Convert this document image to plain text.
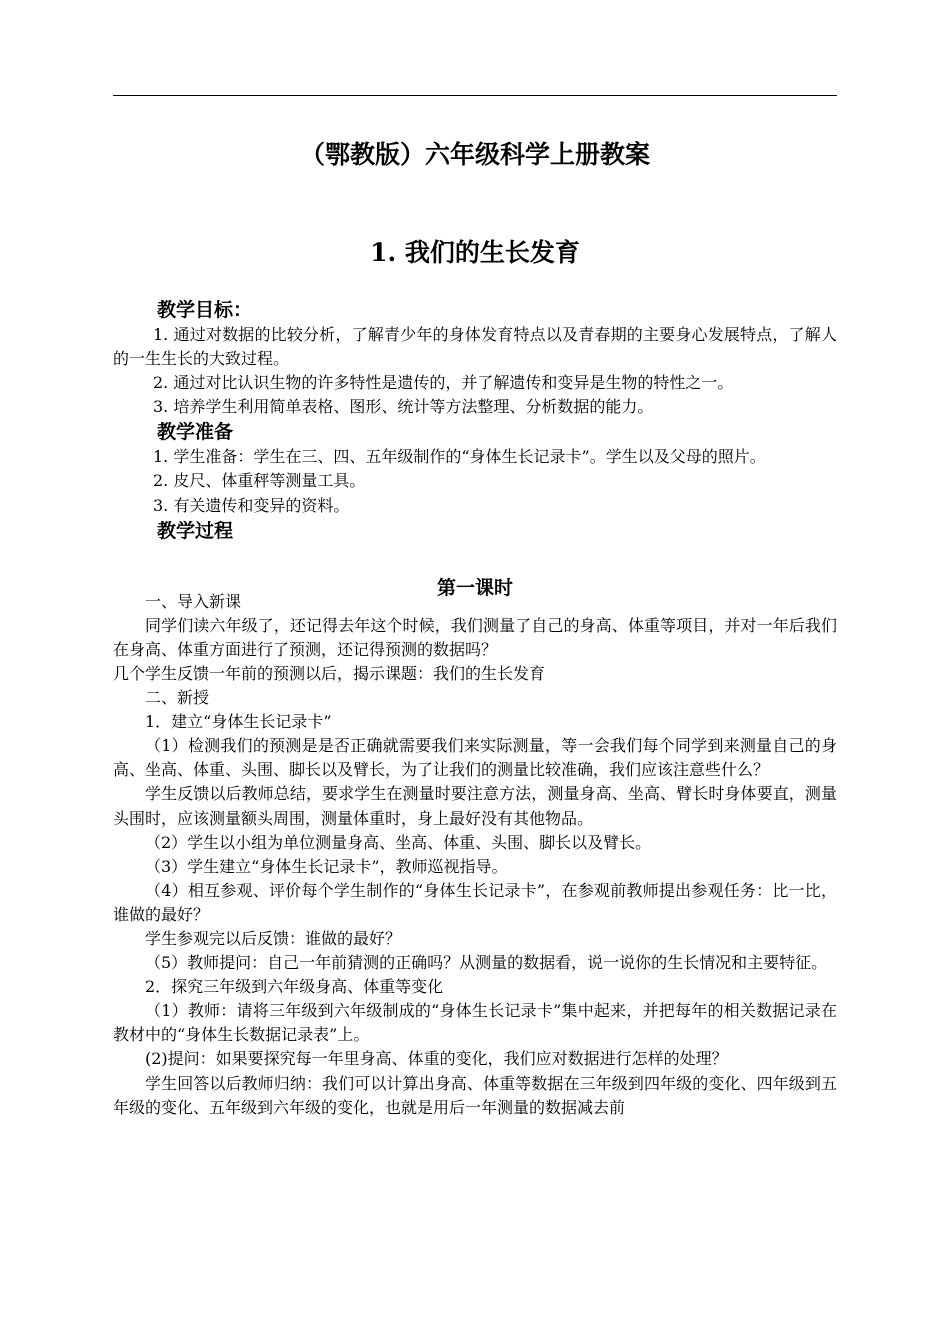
（鄂教版）六年级科学上册教案
1. 我们的生长发育
教学目标：
1. 通过对数据的比较分析，了解青少年的身体发育特点以及青春期的主要身心发展特点，了解人的一生生长的大致过程。
2. 通过对比认识生物的许多特性是遗传的，并了解遗传和变异是生物的特性之一。
3. 培养学生利用简单表格、图形、统计等方法整理、分析数据的能力。
教学准备
1. 学生准备：学生在三、四、五年级制作的“身体生长记录卡”。学生以及父母的照片。
2. 皮尺、体重秤等测量工具。
3. 有关遗传和变异的资料。
教学过程
一、导入新课
同学们读六年级了，还记得去年这个时候，我们测量了自己的身高、体重等项目，并对一年后我们在身高、体重方面进行了预测，还记得预测的数据吗？
几个学生反馈一年前的预测以后，揭示课题：我们的生长发育
二、新授
1．建立“身体生长记录卡”
（1）检测我们的预测是是否正确就需要我们来实际测量，等一会我们每个同学到来测量自己的身高、坐高、体重、头围、脚长以及臂长，为了让我们的测量比较准确，我们应该注意些什么？
学生反馈以后教师总结，要求学生在测量时要注意方法，测量身高、坐高、臂长时身体要直，测量头围时，应该测量额头周围，测量体重时，身上最好没有其他物品。
（2）学生以小组为单位测量身高、坐高、体重、头围、脚长以及臂长。
（3）学生建立“身体生长记录卡”，教师巡视指导。
（4）相互参观、评价每个学生制作的“身体生长记录卡”，在参观前教师提出参观任务：比一比，谁做的最好？
学生参观完以后反馈：谁做的最好？
（5）教师提问：自己一年前猜测的正确吗？从测量的数据看，说一说你的生长情况和主要特征。
2．探究三年级到六年级身高、体重等变化
（1）教师：请将三年级到六年级制成的“身体生长记录卡”集中起来，并把每年的相关数据记录在教材中的“身体生长数据记录表”上。
(2)提问：如果要探究每一年里身高、体重的变化，我们应对数据进行怎样的处理？
学生回答以后教师归纳：我们可以计算出身高、体重等数据在三年级到四年级的变化、四年级到五年级的变化、五年级到六年级的变化，也就是用后一年测量的数据减去前
第一课时
